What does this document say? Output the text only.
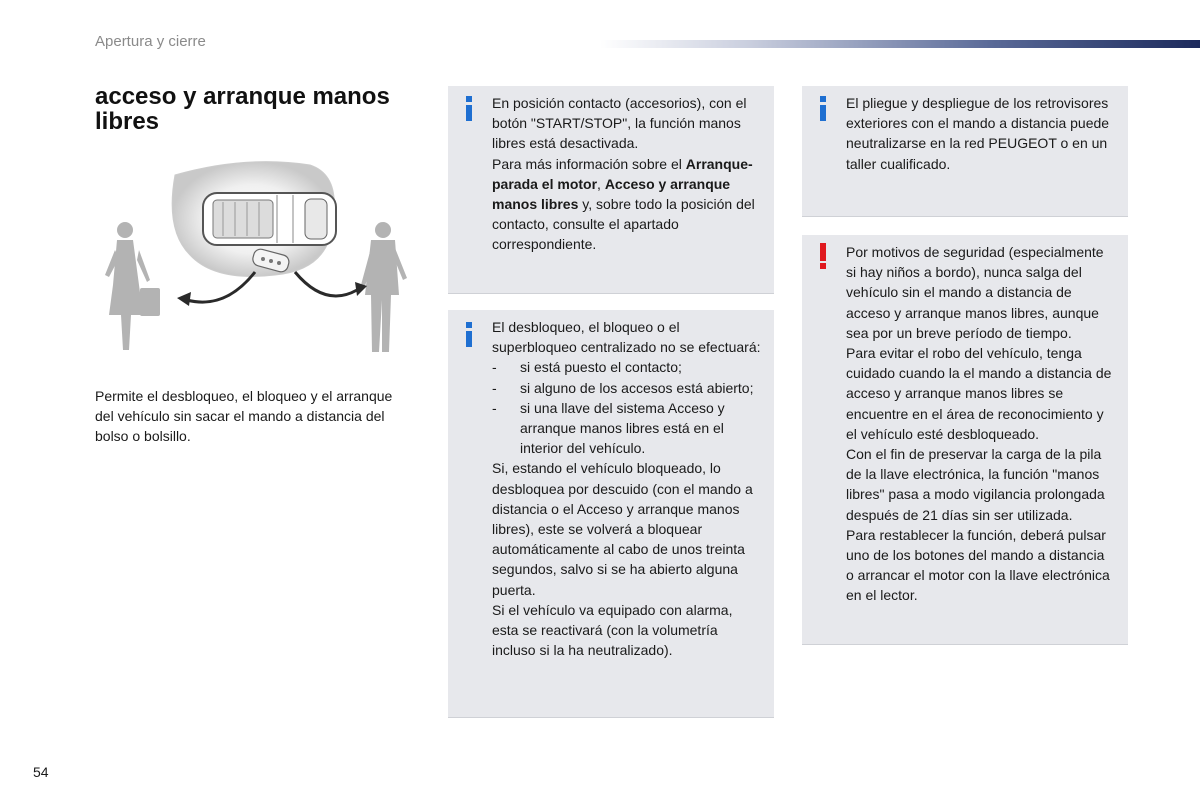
Apertura y cierre
acceso y arranque manos libres

Permite el desbloqueo, el bloqueo y el arranque del vehículo sin sacar el mando a distancia del bolso o bolsillo.

En posición contacto (accesorios), con el botón "START/STOP", la función manos libres está desactivada.

Para más información sobre el Arranque-parada el motor, Acceso y arranque manos libres y, sobre todo la posición del contacto, consulte el apartado correspondiente.

El desbloqueo, el bloqueo o el superbloqueo centralizado no se efectuará:

- si está puesto el contacto;
- si alguno de los accesos está abierto;
- si una llave del sistema Acceso y arranque manos libres está en el interior del vehículo.

Si, estando el vehículo bloqueado, lo desbloquea por descuido (con el mando a distancia o el Acceso y arranque manos libres), este se volverá a bloquear automáticamente al cabo de unos treinta segundos, salvo si se ha abierto alguna puerta.

Si el vehículo va equipado con alarma, esta se reactivará (con la volumetría incluso si la ha neutralizado).

El pliegue y despliegue de los retrovisores exteriores con el mando a distancia puede neutralizarse en la red PEUGEOT o en un taller cualificado.

Por motivos de seguridad (especialmente si hay niños a bordo), nunca salga del vehículo sin el mando a distancia de acceso y arranque manos libres, aunque sea por un breve período de tiempo.

Para evitar el robo del vehículo, tenga cuidado cuando la el mando a distancia de acceso y arranque manos libres se encuentre en el área de reconocimiento y el vehículo esté desbloqueado.

Con el fin de preservar la carga de la pila de la llave electrónica, la función "manos libres" pasa a modo vigilancia prolongada después de 21 días sin ser utilizada.

Para restablecer la función, deberá pulsar uno de los botones del mando a distancia o arrancar el motor con la llave electrónica en el lector.

54
